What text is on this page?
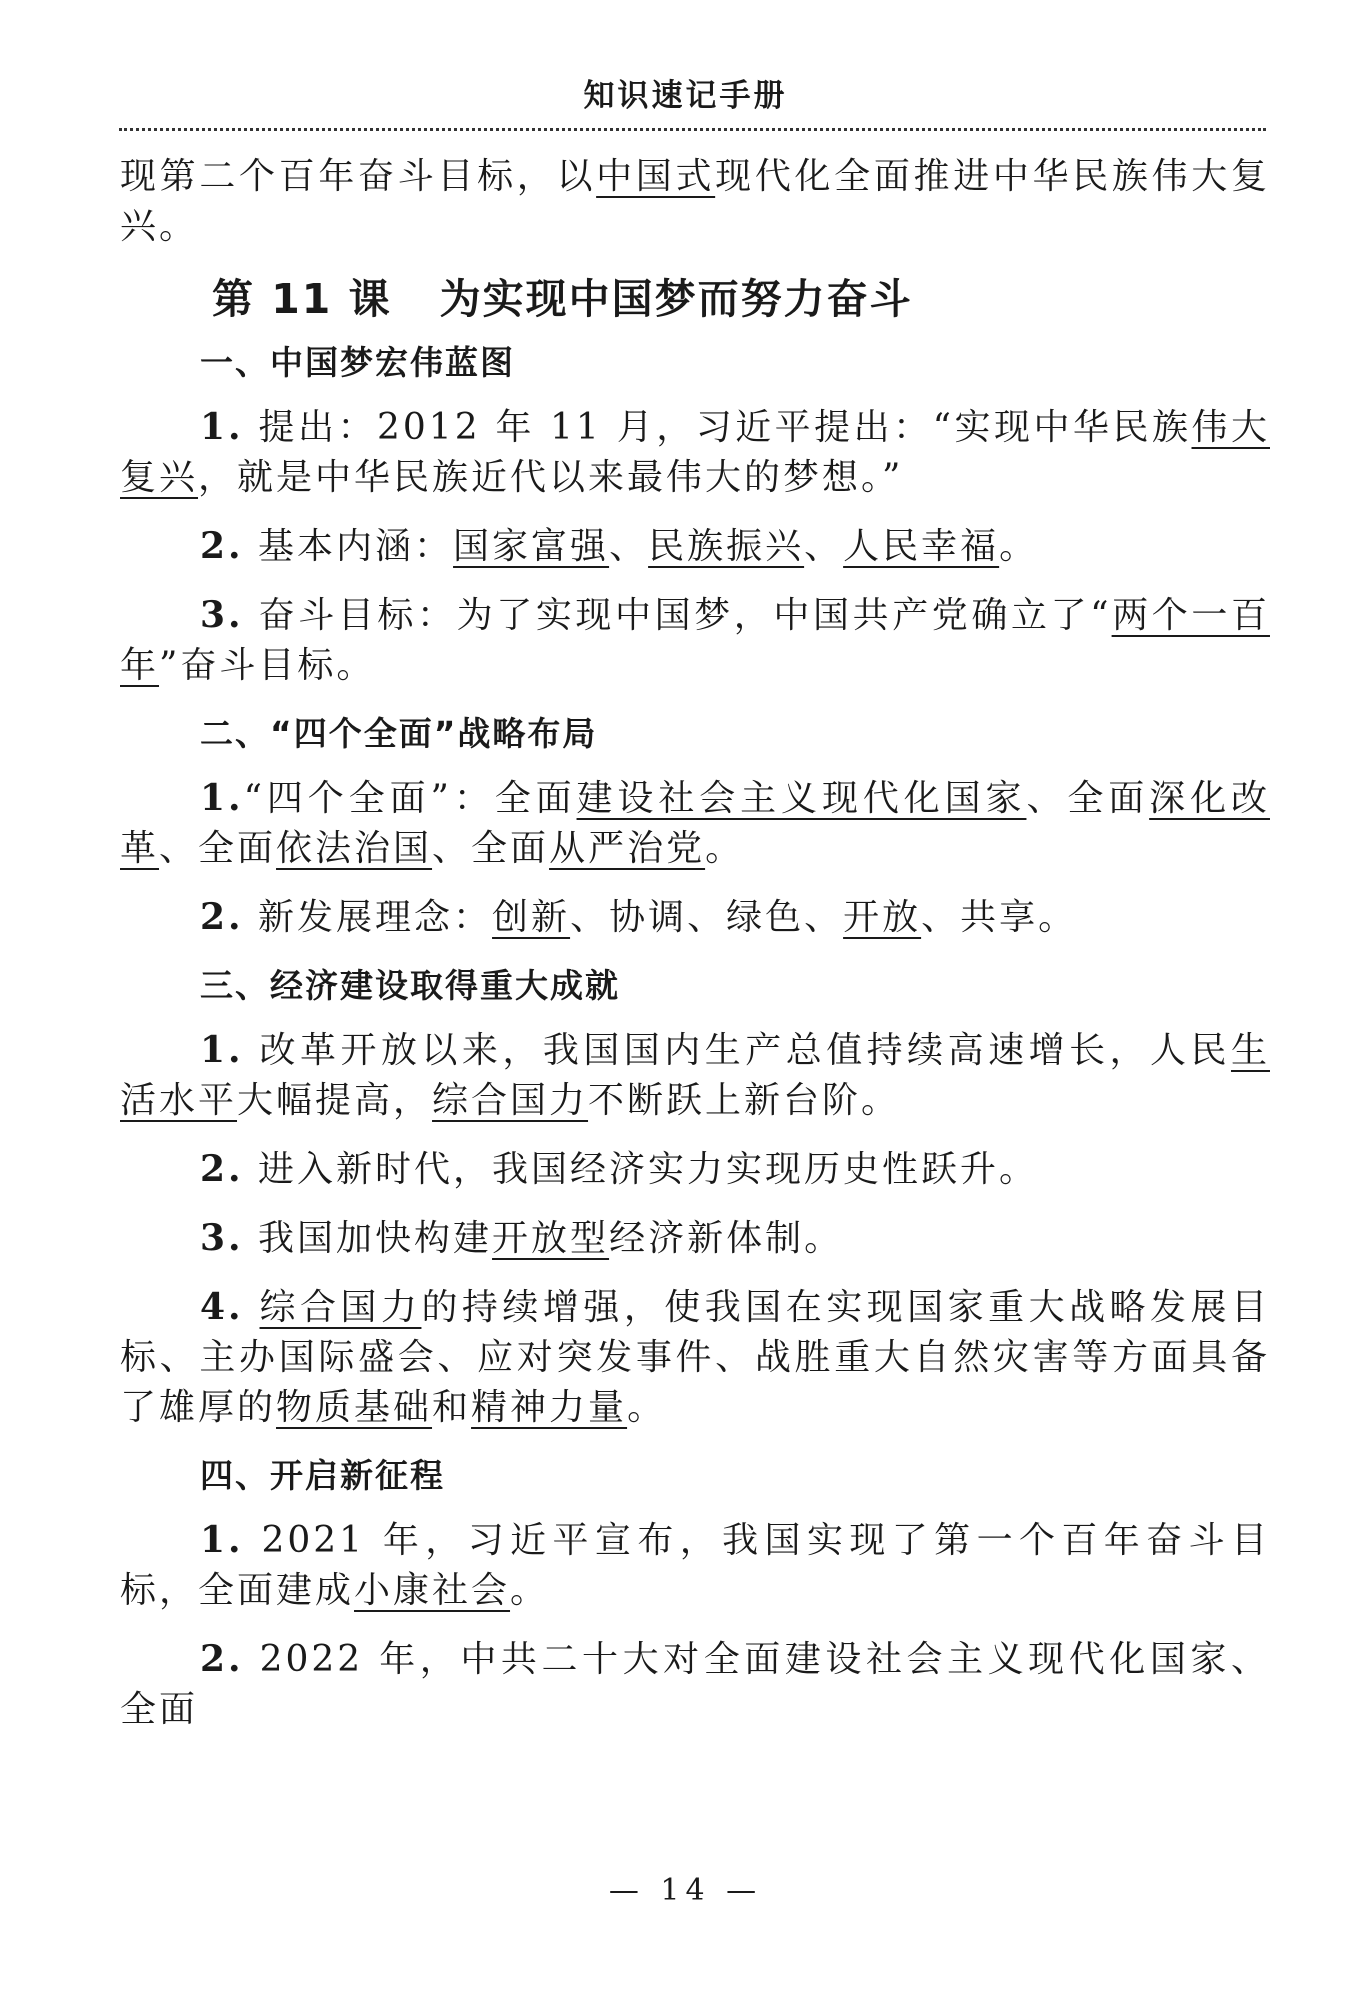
知识速记手册

现第二个百年奋斗目标，以中国式现代化全面推进中华民族伟大复兴。

第 11 课 为实现中国梦而努力奋斗
一、中国梦宏伟蓝图

1. 提出：2012 年 11 月，习近平提出：“实现中华民族伟大复兴，就是中华民族近代以来最伟大的梦想。”

2. 基本内涵：国家富强、民族振兴、人民幸福。

3. 奋斗目标：为了实现中国梦，中国共产党确立了“两个一百年”奋斗目标。

二、“四个全面”战略布局

1.“四个全面”：全面建设社会主义现代化国家、全面深化改革、全面依法治国、全面从严治党。

2. 新发展理念：创新、协调、绿色、开放、共享。

三、经济建设取得重大成就

1. 改革开放以来，我国国内生产总值持续高速增长，人民生活水平大幅提高，综合国力不断跃上新台阶。

2. 进入新时代，我国经济实力实现历史性跃升。

3. 我国加快构建开放型经济新体制。

4. 综合国力的持续增强，使我国在实现国家重大战略发展目标、主办国际盛会、应对突发事件、战胜重大自然灾害等方面具备了雄厚的物质基础和精神力量。

四、开启新征程

1. 2021 年，习近平宣布，我国实现了第一个百年奋斗目标，全面建成小康社会。

2. 2022 年，中共二十大对全面建设社会主义现代化国家、全面

— 14 —
